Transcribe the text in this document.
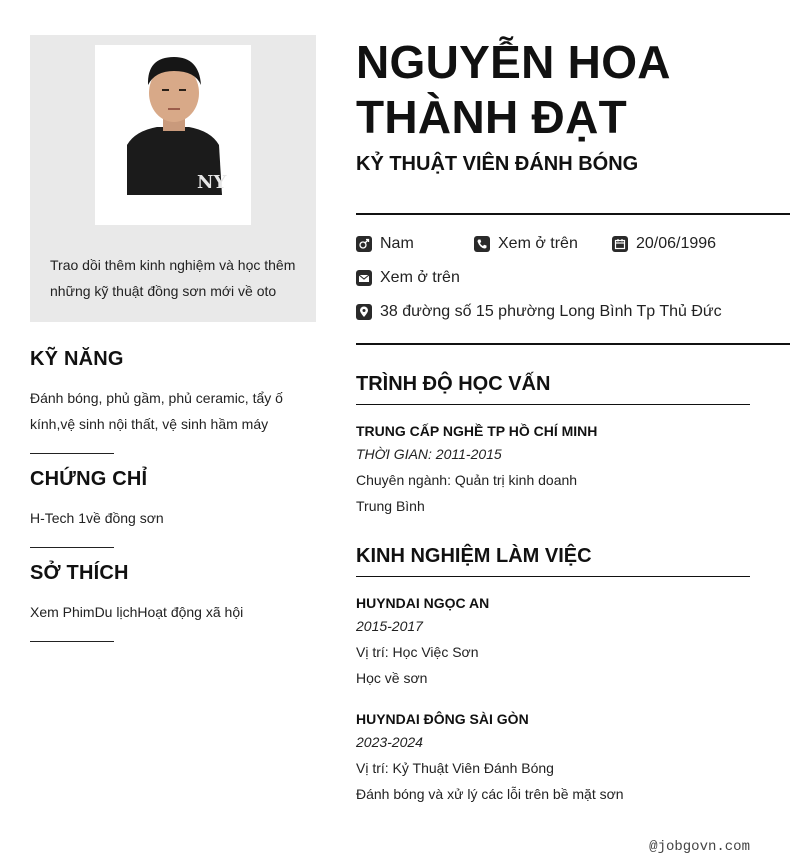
NY
Trao dồi thêm kinh nghiệm và học thêm những kỹ thuật đồng sơn mới về oto
KỸ NĂNG

Đánh bóng, phủ gầm, phủ ceramic, tẩy ố kính,vệ sinh nội thất, vệ sinh hầm máy

CHỨNG CHỈ

H-Tech 1về đồng sơn

SỞ THÍCH

Xem PhimDu lịchHoạt động xã hội

NGUYỄN HOA
THÀNH ĐẠT
KỶ THUẬT VIÊN ĐÁNH BÓNG
Nam	Xem ở trên	20/06/1996
Xem ở trên
38 đường số 15 phường Long Bình Tp Thủ Đức
TRÌNH ĐỘ HỌC VẤN
TRUNG CẤP NGHỀ TP HỒ CHÍ MINH
THỜI GIAN: 2011-2015
Chuyên ngành: Quản trị kinh doanh
Trung Bình
KINH NGHIỆM LÀM VIỆC
HUYNDAI NGỌC AN
2015-2017
Vị trí: Học Việc Sơn
Học về sơn
HUYNDAI ĐÔNG SÀI GÒN
2023-2024
Vị trí: Kỷ Thuật Viên Đánh Bóng
Đánh bóng và xử lý các lỗi trên bề mặt sơn
@jobgovn.com
